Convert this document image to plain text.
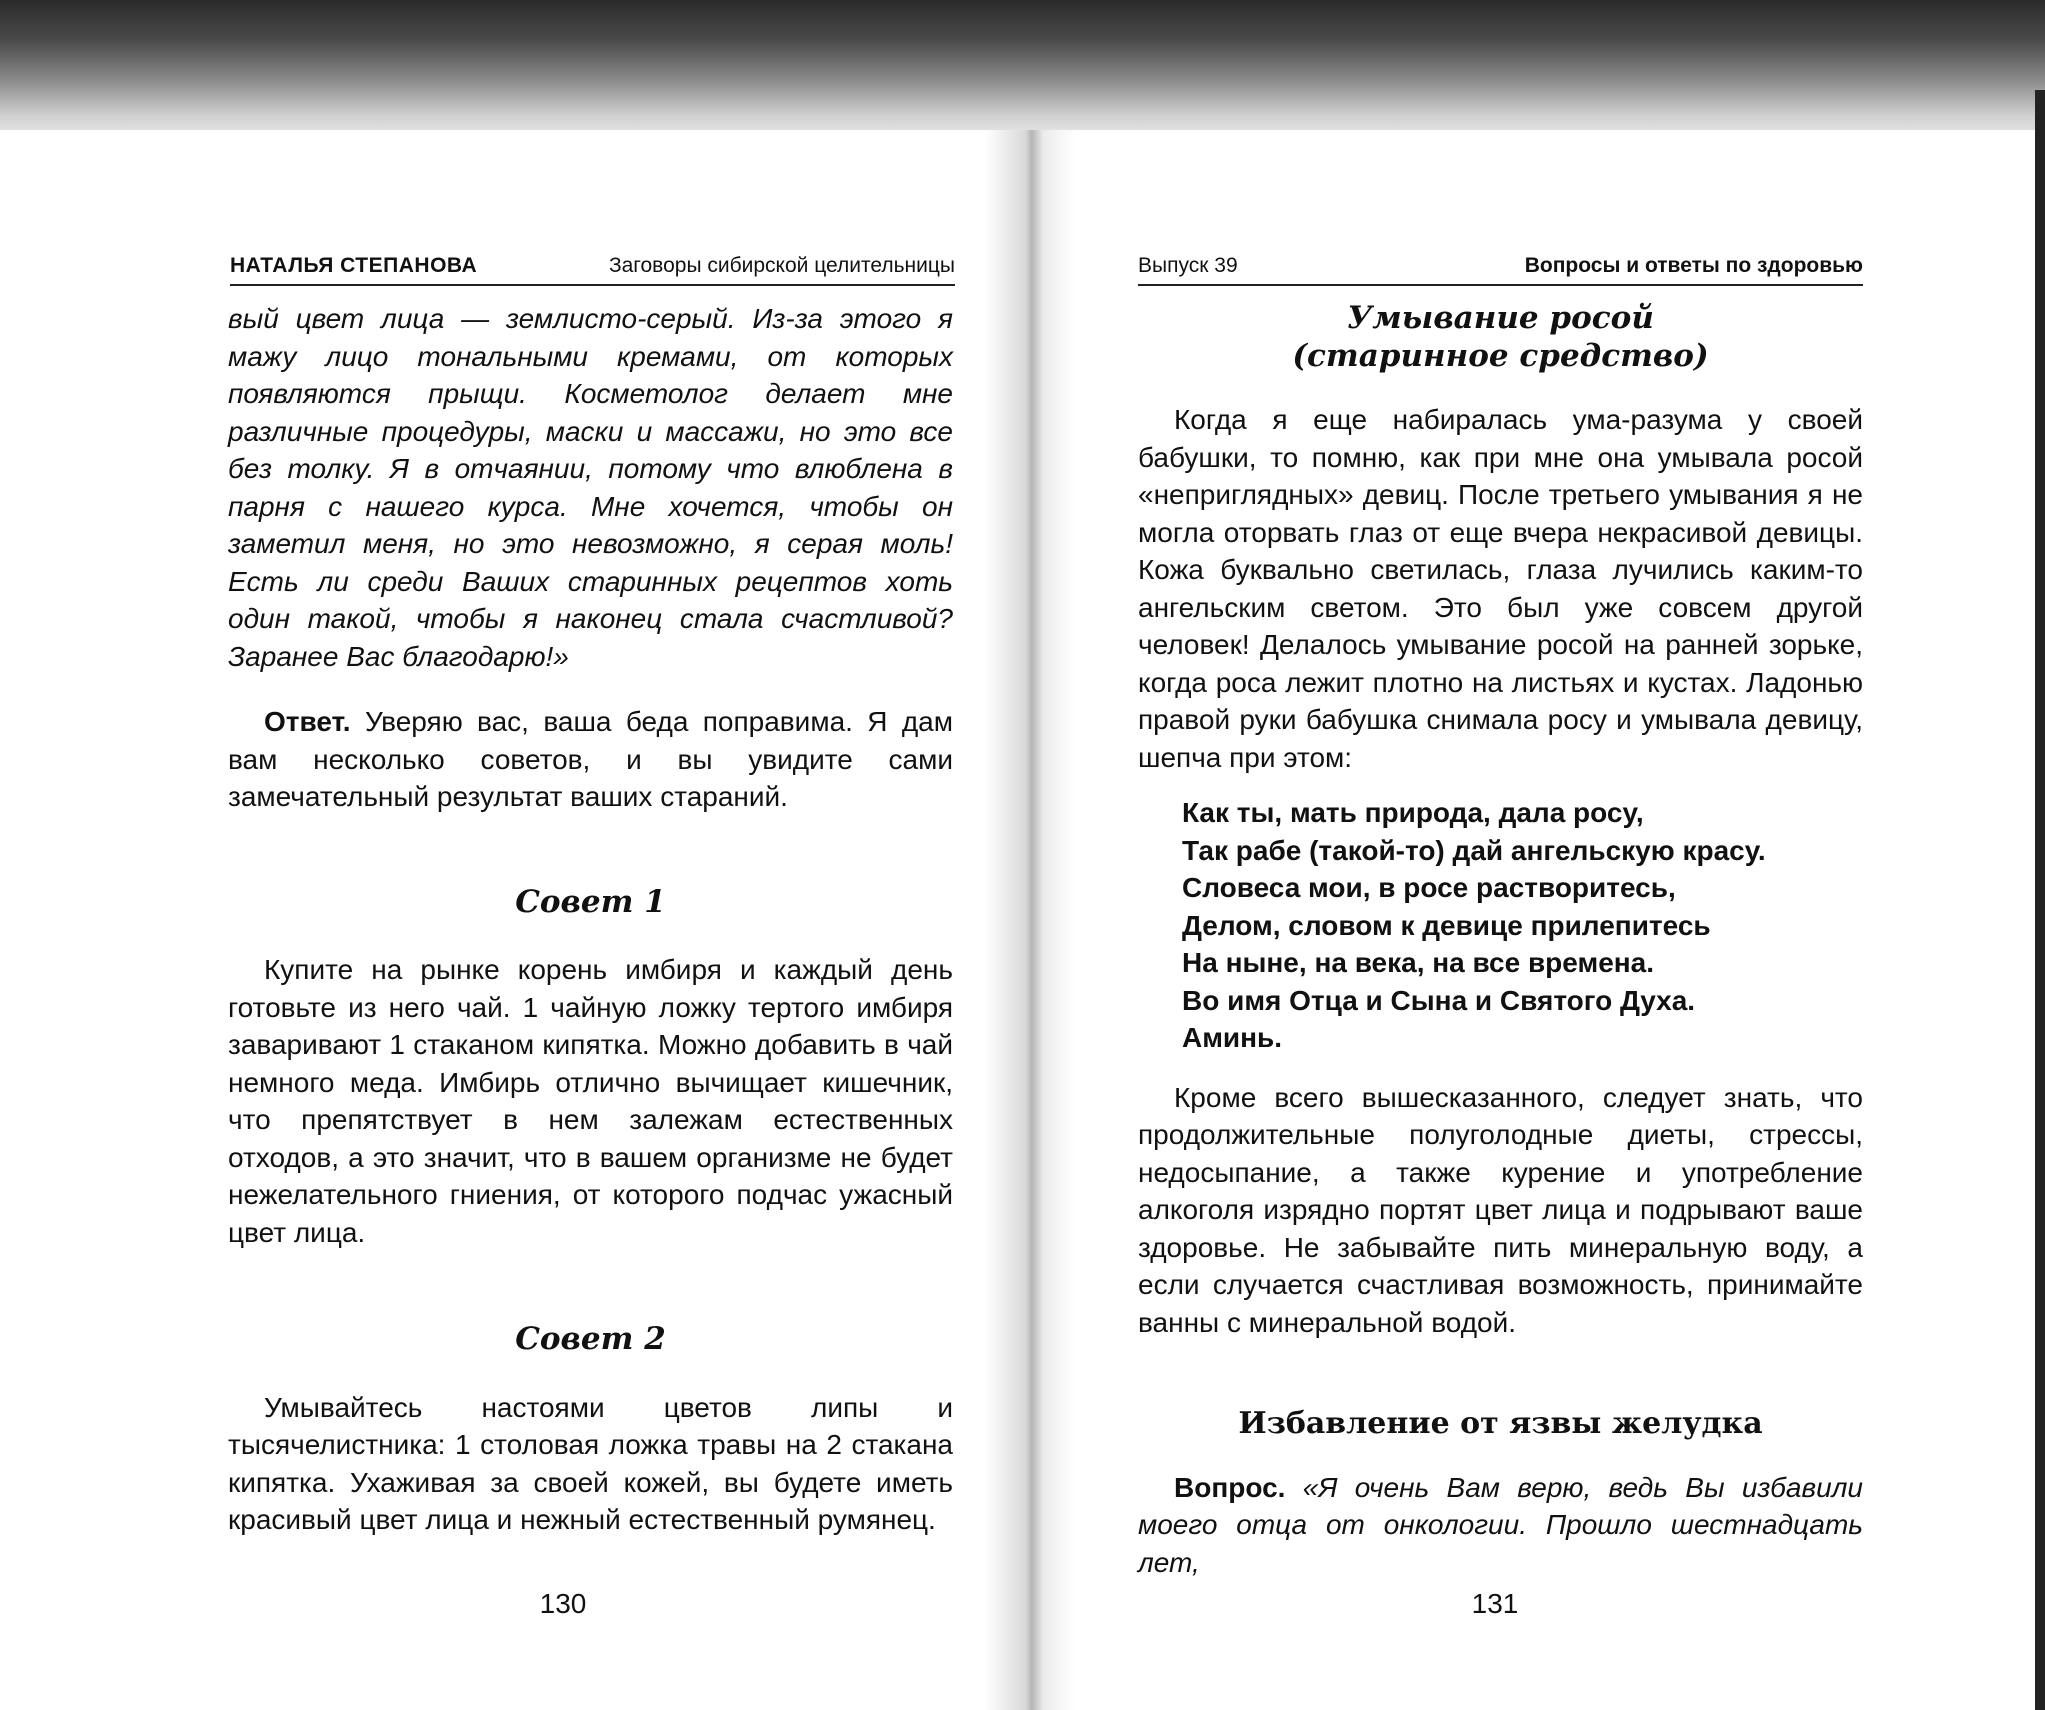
НАТАЛЬЯ СТЕПАНОВА	Заговоры сибирской целительницы

вый цвет лица — землисто-серый. Из-за этого я мажу лицо тональными кремами, от которых появляются прыщи. Косметолог делает мне различные процедуры, маски и массажи, но это все без толку. Я в отчаянии, потому что влюблена в парня с нашего курса. Мне хочется, чтобы он заметил меня, но это невозможно, я серая моль! Есть ли среди Ваших старинных рецептов хоть один такой, чтобы я наконец стала счастливой? Заранее Вас благодарю!»

Ответ. Уверяю вас, ваша беда поправима. Я дам вам несколько советов, и вы увидите сами замечательный результат ваших стараний.

Совет 1

Купите на рынке корень имбиря и каждый день готовьте из него чай. 1 чайную ложку тертого имбиря заваривают 1 стаканом кипятка. Можно добавить в чай немного меда. Имбирь отлично вычищает кишечник, что препятствует в нем залежам естественных отходов, а это значит, что в вашем организме не будет нежелательного гниения, от которого подчас ужасный цвет лица.

Совет 2

Умывайтесь настоями цветов липы и тысячелистника: 1 столовая ложка травы на 2 стакана кипятка. Ухаживая за своей кожей, вы будете иметь красивый цвет лица и нежный естественный румянец.

130
Выпуск 39	Вопросы и ответы по здоровью

Умывание росой

(старинное средство)

Когда я еще набиралась ума-разума у своей бабушки, то помню, как при мне она умывала росой «неприглядных» девиц. После третьего умывания я не могла оторвать глаз от еще вчера некрасивой девицы. Кожа буквально светилась, глаза лучились каким-то ангельским светом. Это был уже совсем другой человек! Делалось умывание росой на ранней зорьке, когда роса лежит плотно на листьях и кустах. Ладонью правой руки бабушка снимала росу и умывала девицу, шепча при этом:

Как ты, мать природа, дала росу,

Так рабе (такой-то) дай ангельскую красу.

Словеса мои, в росе растворитесь,

Делом, словом к девице прилепитесь

На ныне, на века, на все времена.

Во имя Отца и Сына и Святого Духа.

Аминь.

Кроме всего вышесказанного, следует знать, что продолжительные полуголодные диеты, стрессы, недосыпание, а также курение и употребление алкоголя изрядно портят цвет лица и подрывают ваше здоровье. Не забывайте пить минеральную воду, а если случается счастливая возможность, принимайте ванны с минеральной водой.

Избавление от язвы желудка

Вопрос. «Я очень Вам верю, ведь Вы избавили моего отца от онкологии. Прошло шестнадцать лет,

131
